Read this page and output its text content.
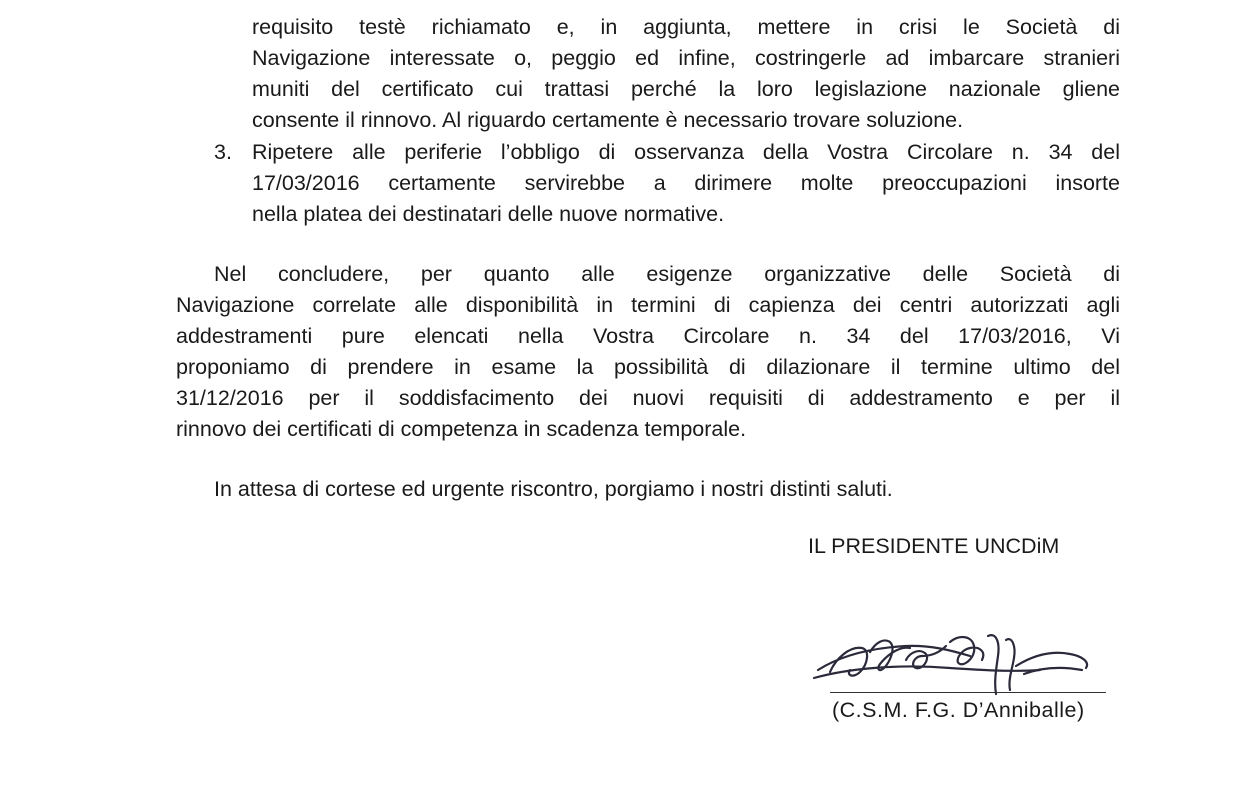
requisito testè richiamato e, in aggiunta, mettere in crisi le Società di

Navigazione interessate o, peggio ed infine, costringerle ad imbarcare stranieri

muniti del certificato cui trattasi perché la loro legislazione nazionale gliene

consente il rinnovo. Al riguardo certamente è necessario trovare soluzione.

3. Ripetere alle periferie l’obbligo di osservanza della Vostra Circolare n. 34 del

17/03/2016 certamente servirebbe a dirimere molte preoccupazioni insorte

nella platea dei destinatari delle nuove normative.

Nel concludere, per quanto alle esigenze organizzative delle Società di

Navigazione correlate alle disponibilità in termini di capienza dei centri autorizzati agli

addestramenti pure elencati nella Vostra Circolare n. 34 del 17/03/2016, Vi

proponiamo di prendere in esame la possibilità di dilazionare il termine ultimo del

31/12/2016 per il soddisfacimento dei nuovi requisiti di addestramento e per il

rinnovo dei certificati di competenza in scadenza temporale.

In attesa di cortese ed urgente riscontro, porgiamo i nostri distinti saluti.

IL PRESIDENTE UNCDiM
(C.S.M. F.G. D’Anniballe)
